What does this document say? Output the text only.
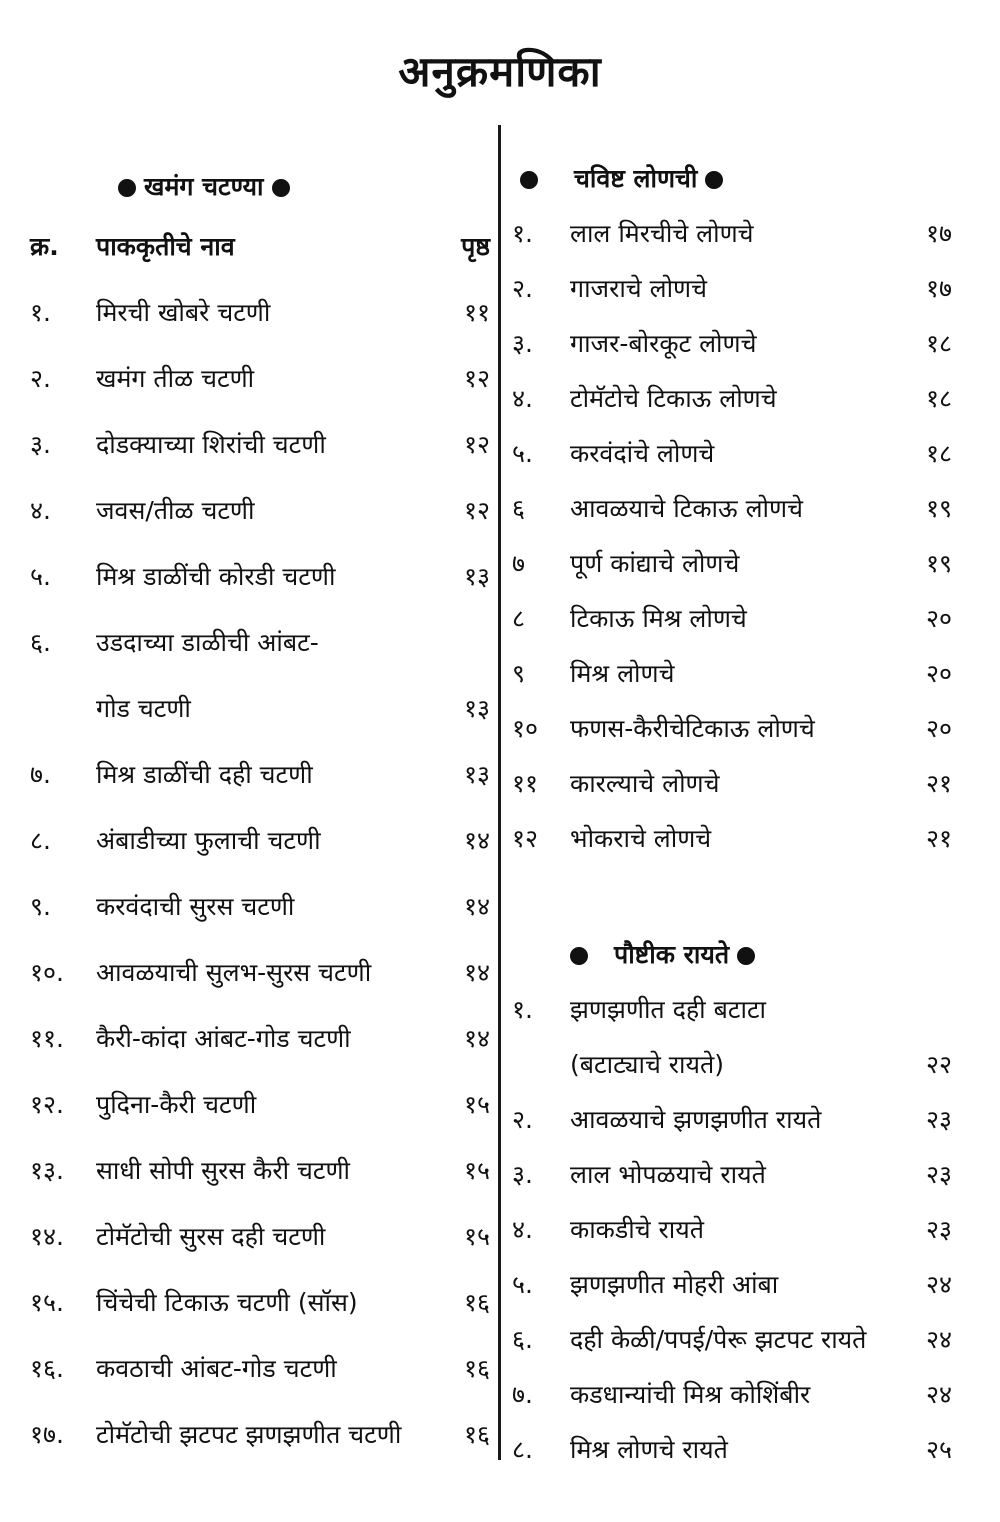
अनुक्रमणिका
खमंग चटण्या
क्र. पाककृतीचे नाव	पृष्ठ
१. मिरची खोबरे चटणी	११
२. खमंग तीळ चटणी	१२
३. दोडक्याच्या शिरांची चटणी	१२
४. जवस/तीळ चटणी	१२
५. मिश्र डाळींची कोरडी चटणी	१३
६. उडदाच्या डाळीची आंबट-
गोड चटणी	१३
७. मिश्र डाळींची दही चटणी	१३
८. अंबाडीच्या फुलाची चटणी	१४
९. करवंदाची सुरस चटणी	१४
१०. आवळयाची सुलभ-सुरस चटणी	१४
११. कैरी-कांदा आंबट-गोड चटणी	१४
१२. पुदिना-कैरी चटणी	१५
१३. साधी सोपी सुरस कैरी चटणी	१५
१४. टोमॅटोची सुरस दही चटणी	१५
१५. चिंचेची टिकाऊ चटणी (सॉस)	१६
१६. कवठाची आंबट-गोड चटणी	१६
१७. टोमॅटोची झटपट झणझणीत चटणी	१६
चविष्ट लोणची
१. लाल मिरचीचे लोणचे	१७
२. गाजराचे लोणचे	१७
३. गाजर-बोरकूट लोणचे	१८
४. टोमॅटोचे टिकाऊ लोणचे	१८
५. करवंदांचे लोणचे	१८
६ आवळयाचे टिकाऊ लोणचे	१९
७ पूर्ण कांद्याचे लोणचे	१९
८ टिकाऊ मिश्र लोणचे	२०
९ मिश्र लोणचे	२०
१० फणस-कैरीचेटिकाऊ लोणचे	२०
११ कारल्याचे लोणचे	२१
१२ भोकराचे लोणचे	२१
पौष्टीक रायते
१. झणझणीत दही बटाटा
(बटाट्याचे रायते)	२२
२. आवळयाचे झणझणीत रायते	२३
३. लाल भोपळयाचे रायते	२३
४. काकडीचे रायते	२३
५. झणझणीत मोहरी आंबा	२४
६. दही केळी/पपई/पेरू झटपट रायते २४
७. कडधान्यांची मिश्र कोशिंबीर	२४
८. मिश्र लोणचे रायते	२५
